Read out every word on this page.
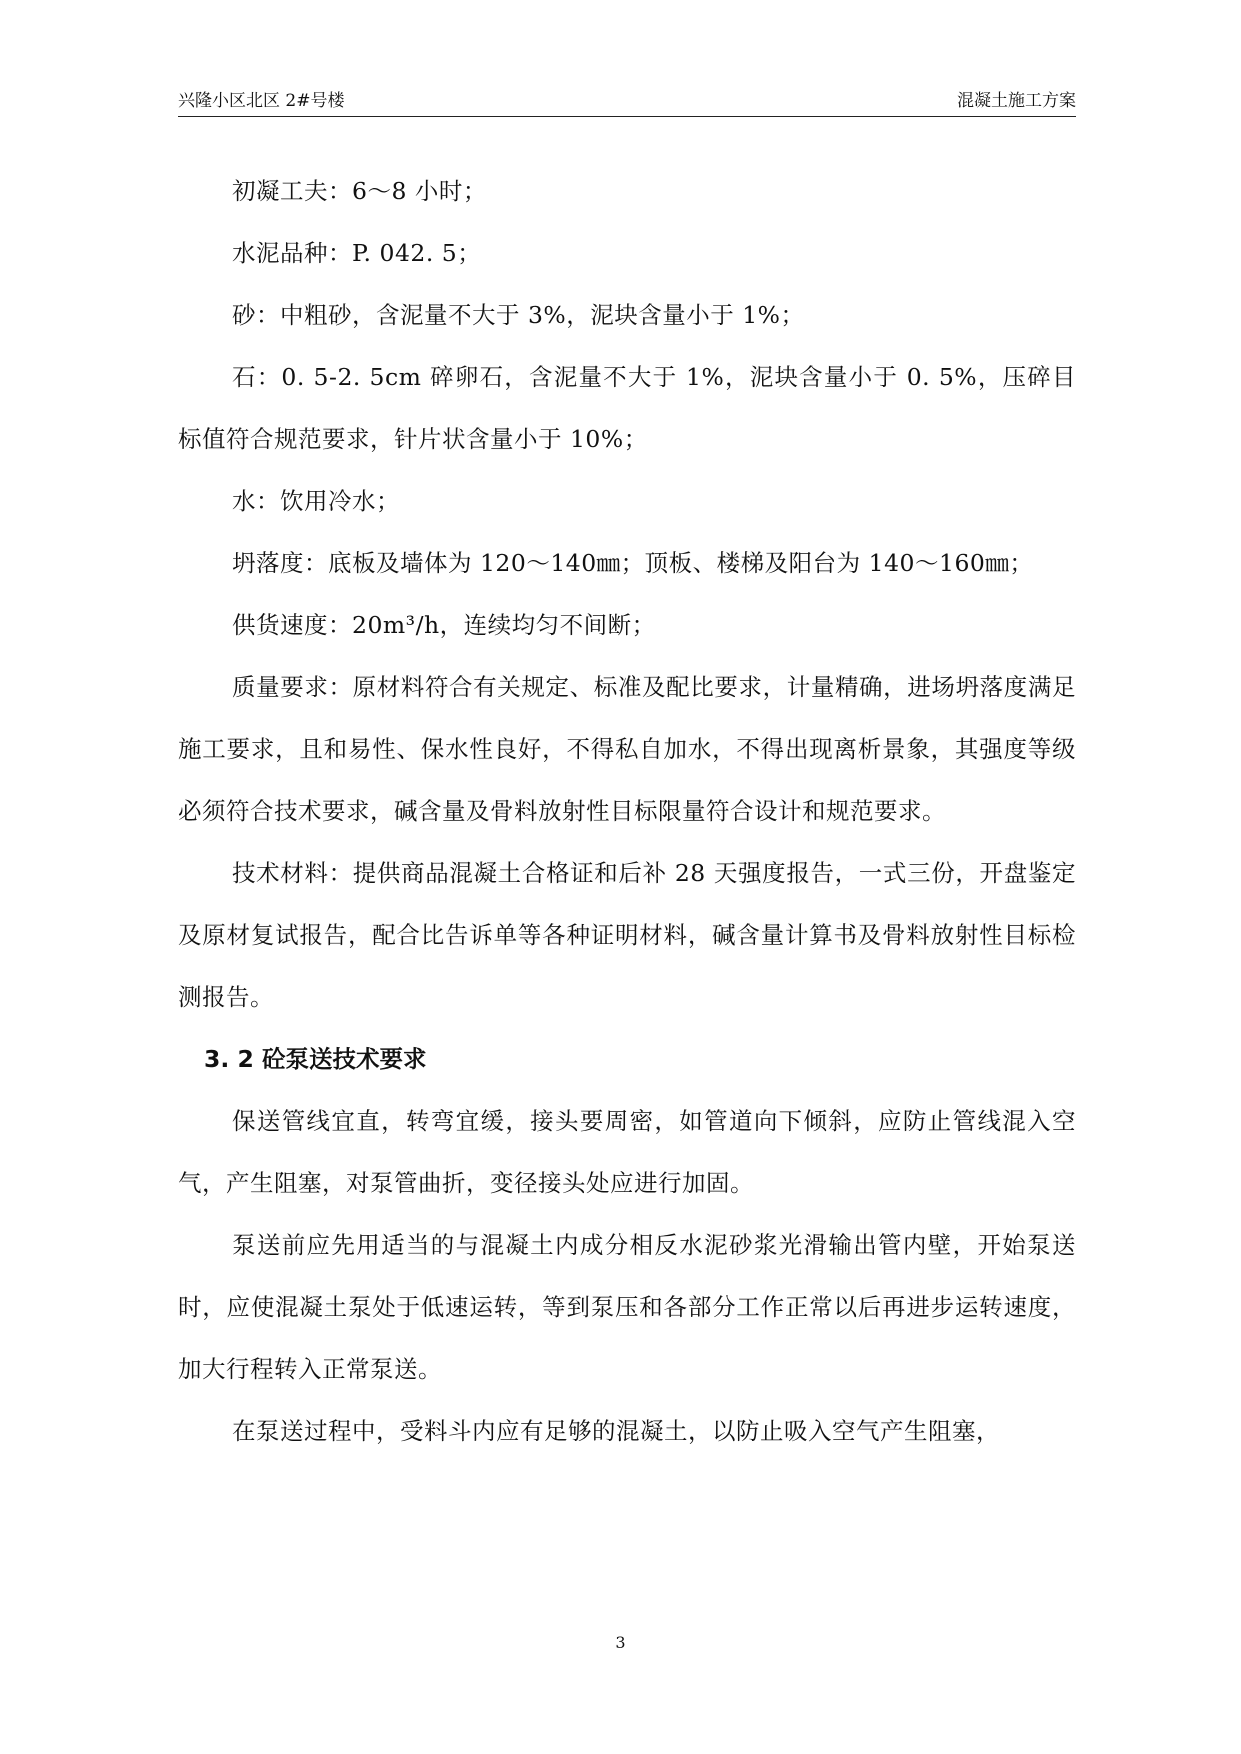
兴隆小区北区 2#号楼	混凝土施工方案

初凝工夫：6～8 小时；

水泥品种：P. 042. 5；

砂：中粗砂，含泥量不大于 3%，泥块含量小于 1%；

石：0. 5-2. 5cm 碎卵石，含泥量不大于 1%，泥块含量小于 0. 5%，压碎目标值符合规范要求，针片状含量小于 10%；

水：饮用冷水；

坍落度：底板及墙体为 120～140㎜；顶板、楼梯及阳台为 140～160㎜；

供货速度：20m³/h，连续均匀不间断；

质量要求：原材料符合有关规定、标准及配比要求，计量精确，进场坍落度满足施工要求，且和易性、保水性良好，不得私自加水，不得出现离析景象，其强度等级必须符合技术要求，碱含量及骨料放射性目标限量符合设计和规范要求。

技术材料：提供商品混凝土合格证和后补 28 天强度报告，一式三份，开盘鉴定及原材复试报告，配合比告诉单等各种证明材料，碱含量计算书及骨料放射性目标检测报告。

3. 2 砼泵送技术要求

保送管线宜直，转弯宜缓，接头要周密，如管道向下倾斜，应防止管线混入空气，产生阻塞，对泵管曲折，变径接头处应进行加固。

泵送前应先用适当的与混凝土内成分相反水泥砂浆光滑输出管内壁，开始泵送时，应使混凝土泵处于低速运转，等到泵压和各部分工作正常以后再进步运转速度，加大行程转入正常泵送。

在泵送过程中，受料斗内应有足够的混凝土，以防止吸入空气产生阻塞，

3
